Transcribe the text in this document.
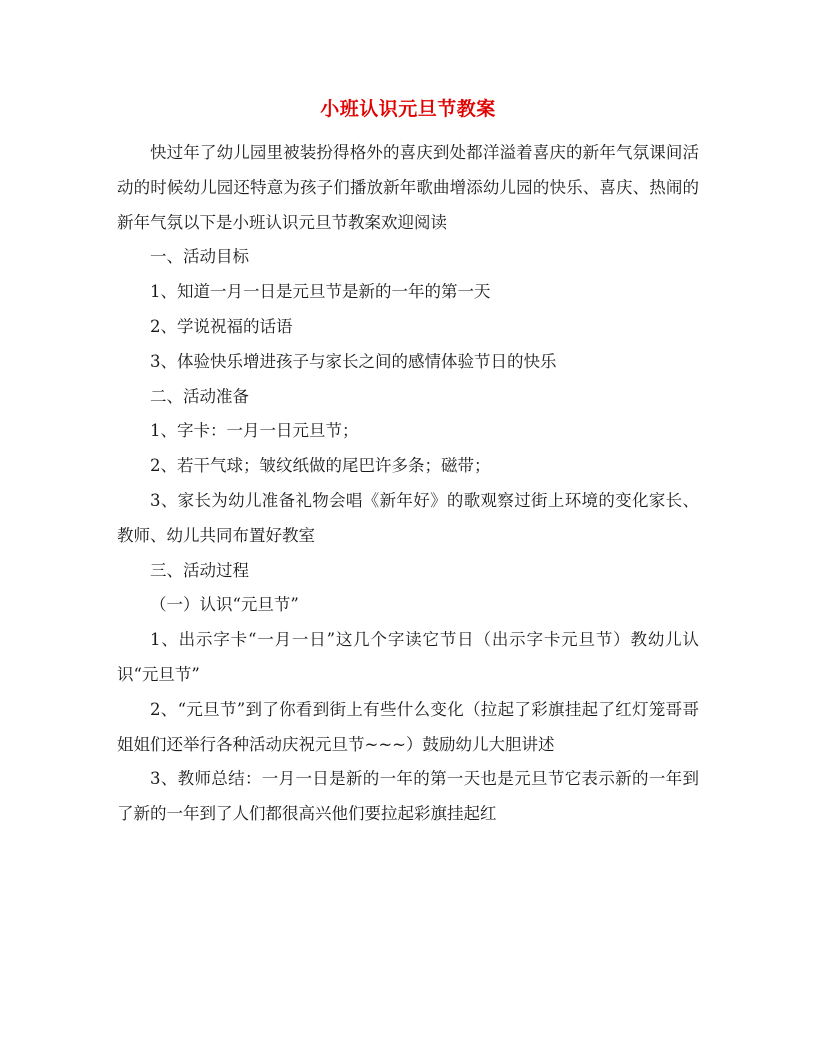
小班认识元旦节教案

快过年了幼儿园里被装扮得格外的喜庆到处都洋溢着喜庆的新年气氛课间活动的时候幼儿园还特意为孩子们播放新年歌曲增添幼儿园的快乐、喜庆、热闹的新年气氛以下是小班认识元旦节教案欢迎阅读

一、活动目标

1、知道一月一日是元旦节是新的一年的第一天

2、学说祝福的话语

3、体验快乐增进孩子与家长之间的感情体验节日的快乐

二、活动准备

1、字卡：一月一日元旦节；

2、若干气球；皱纹纸做的尾巴许多条；磁带；

3、家长为幼儿准备礼物会唱《新年好》的歌观察过街上环境的变化家长、教师、幼儿共同布置好教室

三、活动过程

（一）认识“元旦节”

1、出示字卡“一月一日”这几个字读它节日（出示字卡元旦节）教幼儿认识“元旦节”

2、“元旦节”到了你看到街上有些什么变化（拉起了彩旗挂起了红灯笼哥哥姐姐们还举行各种活动庆祝元旦节~~~）鼓励幼儿大胆讲述

3、教师总结：一月一日是新的一年的第一天也是元旦节它表示新的一年到了新的一年到了人们都很高兴他们要拉起彩旗挂起红
